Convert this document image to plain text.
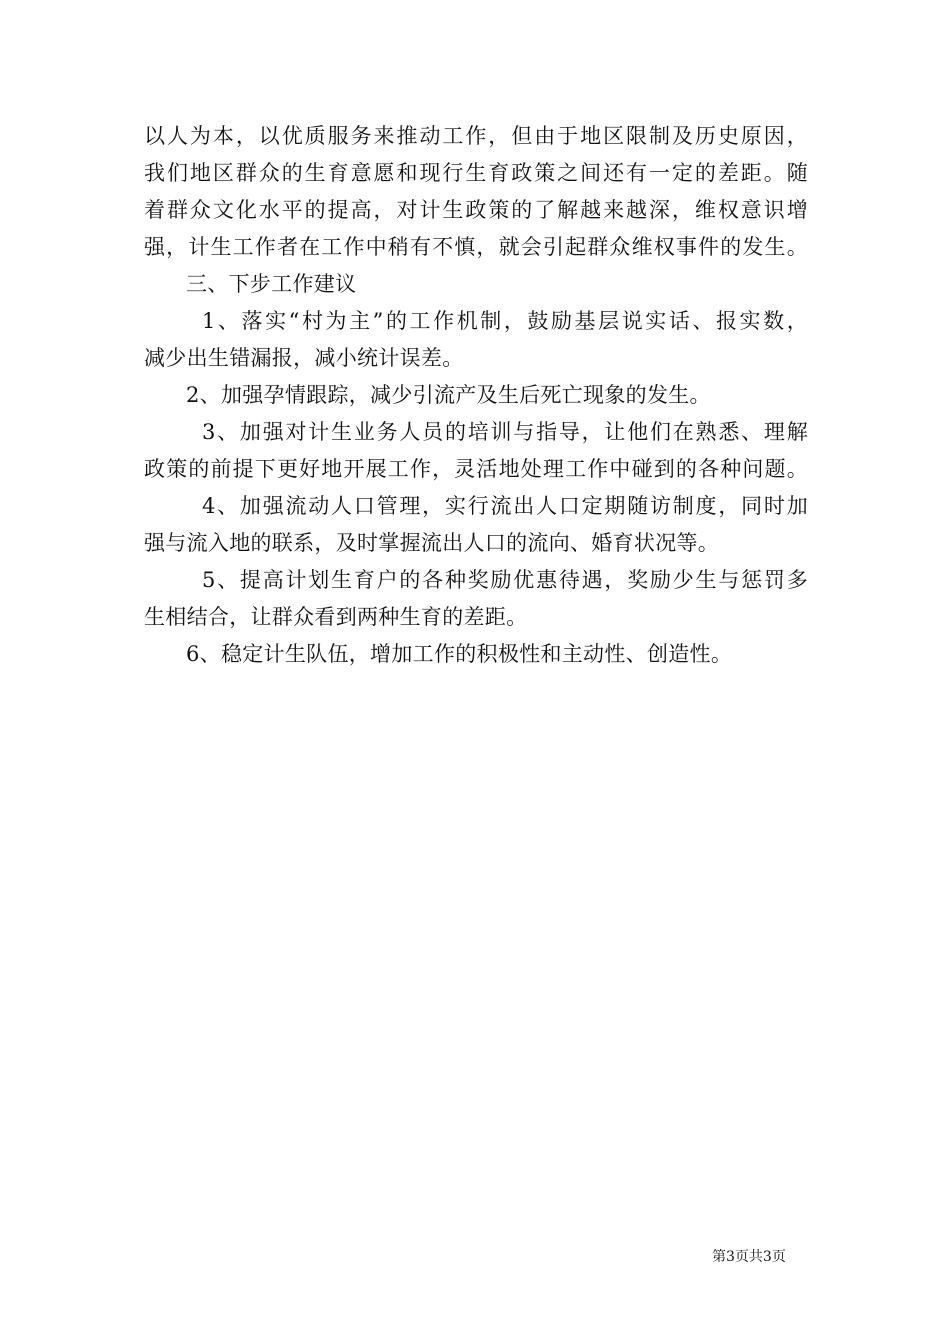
以人为本，以优质服务来推动工作，但由于地区限制及历史原因，
我们地区群众的生育意愿和现行生育政策之间还有一定的差距。随
着群众文化水平的提高，对计生政策的了解越来越深，维权意识增
强，计生工作者在工作中稍有不慎，就会引起群众维权事件的发生。
三、下步工作建议
1、落实“村为主”的工作机制，鼓励基层说实话、报实数，
减少出生错漏报，减小统计误差。
2、加强孕情跟踪，减少引流产及生后死亡现象的发生。
3、加强对计生业务人员的培训与指导，让他们在熟悉、理解
政策的前提下更好地开展工作，灵活地处理工作中碰到的各种问题。
4、加强流动人口管理，实行流出人口定期随访制度，同时加
强与流入地的联系，及时掌握流出人口的流向、婚育状况等。
5、提高计划生育户的各种奖励优惠待遇，奖励少生与惩罚多
生相结合，让群众看到两种生育的差距。
6、稳定计生队伍，增加工作的积极性和主动性、创造性。
第3页共3页
